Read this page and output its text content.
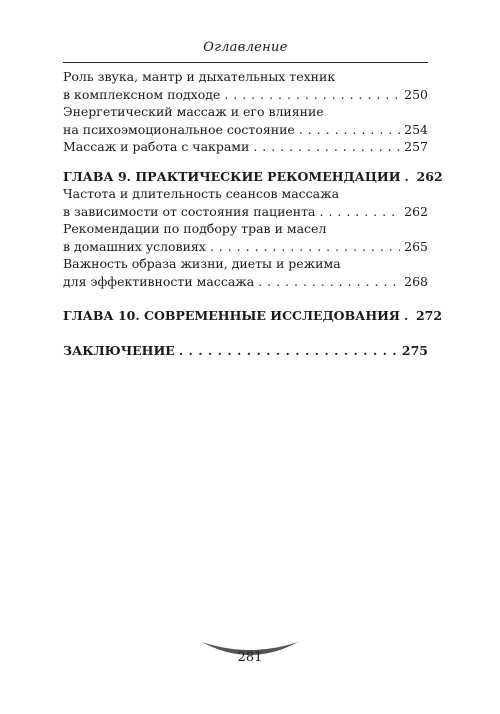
Оглавление
Роль звука, мантр и дыхательных техник
в комплексном подходе . . .	250
Энергетический массаж и его влияние
на психоэмоциональное состояние . . .	254
Массаж и работа с чакрами . . .	257
ГЛАВА 9. ПРАКТИЧЕСКИЕ РЕКОМЕНДАЦИИ . . . 262
Частота и длительность сеансов массажа
в зависимости от состояния пациента . . .	262
Рекомендации по подбору трав и масел
в домашних условиях . . .	265
Важность образа жизни, диеты и режима
для эффективности массажа . . .	268
ГЛАВА 10. СОВРЕМЕННЫЕ ИССЛЕДОВАНИЯ . . . 272
ЗАКЛЮЧЕНИЕ . . .	275
281
